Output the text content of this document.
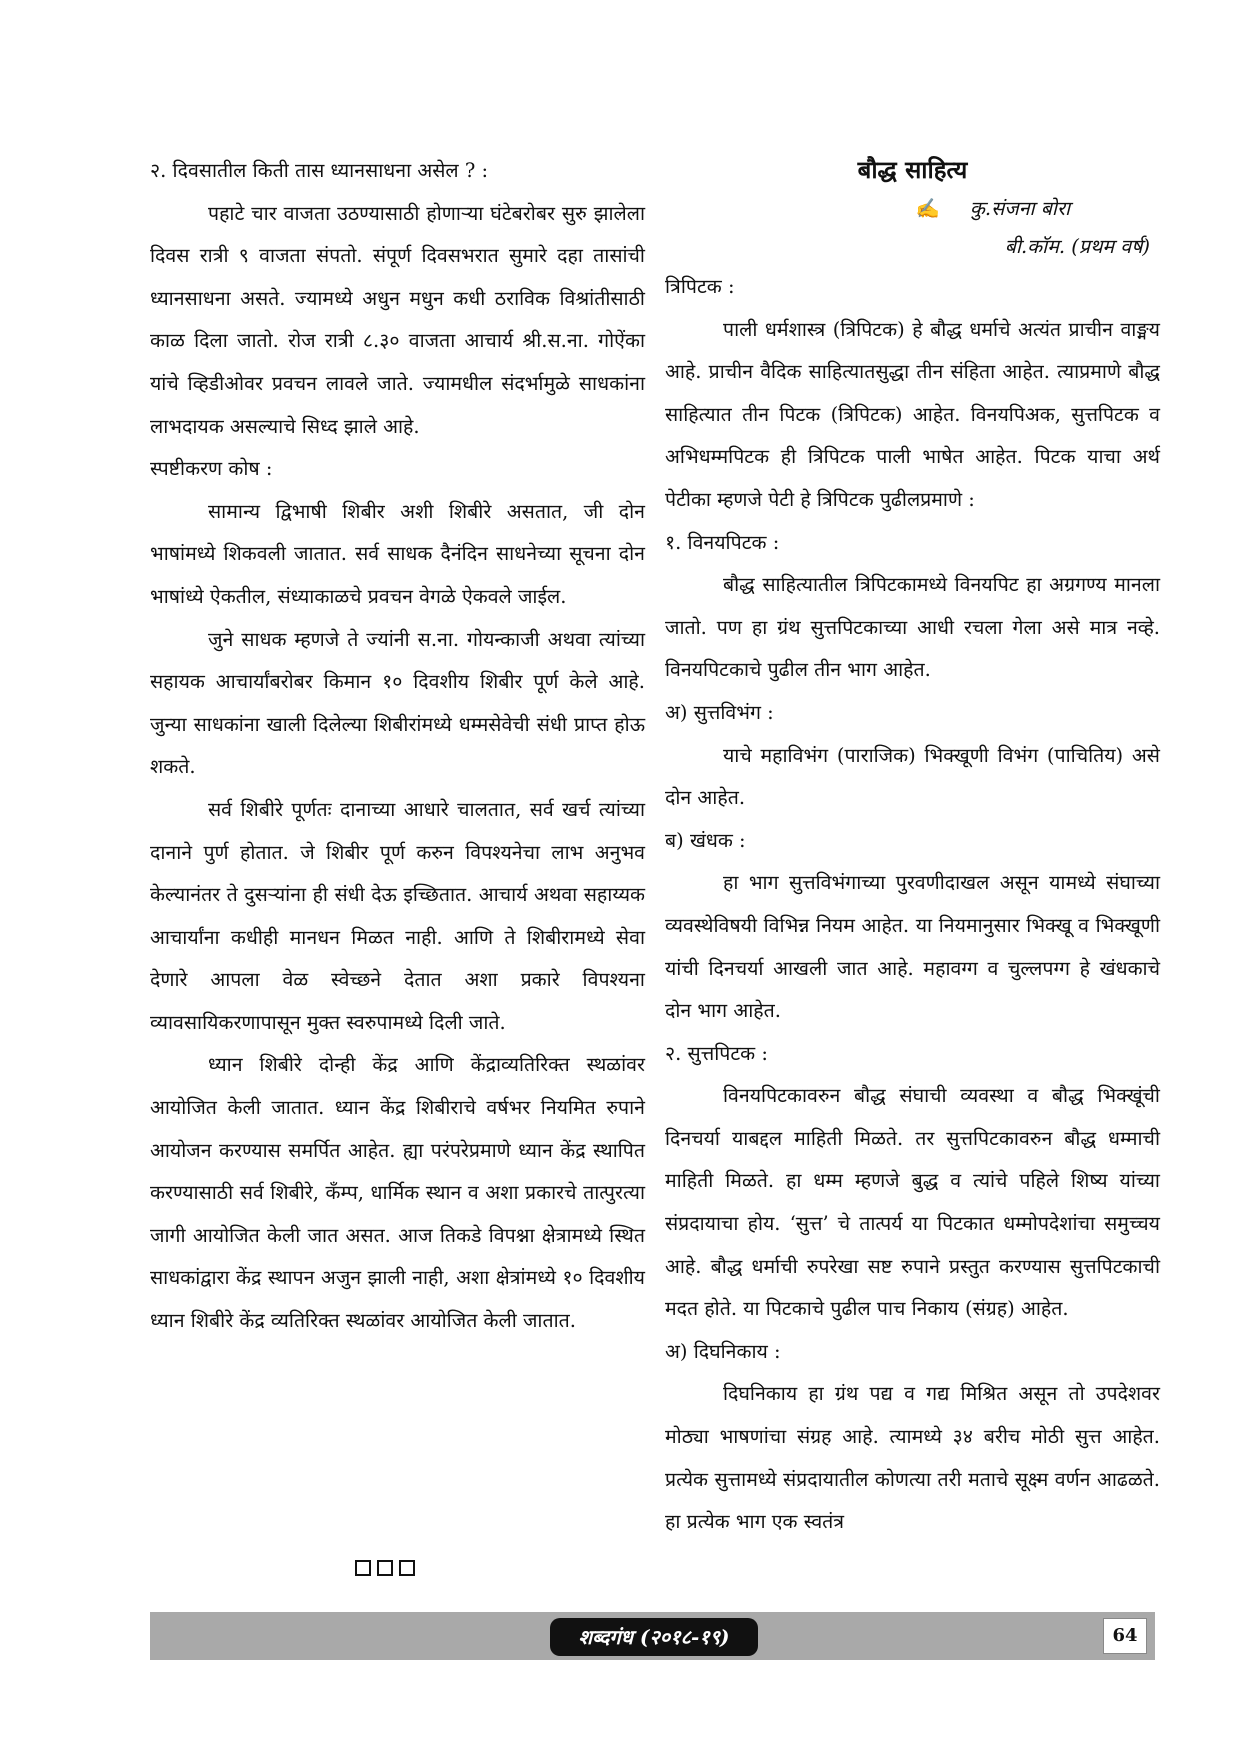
२. दिवसातील किती तास ध्यानसाधना असेल ? :

पहाटे चार वाजता उठण्यासाठी होणाऱ्या घंटेबरोबर सुरु झालेला दिवस रात्री ९ वाजता संपतो. संपूर्ण दिवसभरात सुमारे दहा तासांची ध्यानसाधना असते. ज्यामध्ये अधुन मधुन कधी ठराविक विश्रांतीसाठी काळ दिला जातो. रोज रात्री ८.३० वाजता आचार्य श्री.स.ना. गोऐंका यांचे व्हिडीओवर प्रवचन लावले जाते. ज्यामधील संदर्भामुळे साधकांना लाभदायक असल्याचे सिध्द झाले आहे.

स्पष्टीकरण कोष :

सामान्य द्विभाषी शिबीर अशी शिबीरे असतात, जी दोन भाषांमध्ये शिकवली जातात. सर्व साधक दैनंदिन साधनेच्या सूचना दोन भाषांध्ये ऐकतील, संध्याकाळचे प्रवचन वेगळे ऐकवले जाईल.

जुने साधक म्हणजे ते ज्यांनी स.ना. गोयन्काजी अथवा त्यांच्या सहायक आचार्यांबरोबर किमान १० दिवशीय शिबीर पूर्ण केले आहे. जुन्या साधकांना खाली दिलेल्या शिबीरांमध्ये धम्मसेवेची संधी प्राप्त होऊ शकते.

सर्व शिबीरे पूर्णतः दानाच्या आधारे चालतात, सर्व खर्च त्यांच्या दानाने पुर्ण होतात. जे शिबीर पूर्ण करुन विपश्यनेचा लाभ अनुभव केल्यानंतर ते दुसऱ्यांना ही संधी देऊ इच्छितात. आचार्य अथवा सहाय्यक आचार्यांना कधीही मानधन मिळत नाही. आणि ते शिबीरामध्ये सेवा देणारे आपला वेळ स्वेच्छने देतात अशा प्रकारे विपश्यना व्यावसायिकरणापासून मुक्त स्वरुपामध्ये दिली जाते.

ध्यान शिबीरे दोन्ही केंद्र आणि केंद्राव्यतिरिक्त स्थळांवर आयोजित केली जातात. ध्यान केंद्र शिबीराचे वर्षभर नियमित रुपाने आयोजन करण्यास समर्पित आहेत. ह्या परंपरेप्रमाणे ध्यान केंद्र स्थापित करण्यासाठी सर्व शिबीरे, कँम्प, धार्मिक स्थान व अशा प्रकारचे तात्पुरत्या जागी आयोजित केली जात असत. आज तिकडे विपश्ना क्षेत्रामध्ये स्थित साधकांद्वारा केंद्र स्थापन अजुन झाली नाही, अशा क्षेत्रांमध्ये १० दिवशीय ध्यान शिबीरे केंद्र व्यतिरिक्त स्थळांवर आयोजित केली जातात.

बौद्ध साहित्य

✍ कु.संजना बोरा

बी.कॉम. (प्रथम वर्ष)

त्रिपिटक :

पाली धर्मशास्त्र (त्रिपिटक) हे बौद्ध धर्माचे अत्यंत प्राचीन वाङ्मय आहे. प्राचीन वैदिक साहित्यातसुद्धा तीन संहिता आहेत. त्याप्रमाणे बौद्ध साहित्यात तीन पिटक (त्रिपिटक) आहेत. विनयपिअक, सुत्तपिटक व अभिधम्मपिटक ही त्रिपिटक पाली भाषेत आहेत. पिटक याचा अर्थ पेटीका म्हणजे पेटी हे त्रिपिटक पुढीलप्रमाणे :

१. विनयपिटक :

बौद्ध साहित्यातील त्रिपिटकामध्ये विनयपिट हा अग्रगण्य मानला जातो. पण हा ग्रंथ सुत्तपिटकाच्या आधी रचला गेला असे मात्र नव्हे. विनयपिटकाचे पुढील तीन भाग आहेत.

अ) सुत्तविभंग :

याचे महाविभंग (पाराजिक) भिक्खूणी विभंग (पाचितिय) असे दोन आहेत.

ब) खंधक :

हा भाग सुत्तविभंगाच्या पुरवणीदाखल असून यामध्ये संघाच्या व्यवस्थेविषयी विभिन्न नियम आहेत. या नियमानुसार भिक्खू व भिक्खूणी यांची दिनचर्या आखली जात आहे. महावग्ग व चुल्लपग्ग हे खंधकाचे दोन भाग आहेत.

२. सुत्तपिटक :

विनयपिटकावरुन बौद्ध संघाची व्यवस्था व बौद्ध भिक्खूंची दिनचर्या याबद्दल माहिती मिळते. तर सुत्तपिटकावरुन बौद्ध धम्माची माहिती मिळते. हा धम्म म्हणजे बुद्ध व त्यांचे पहिले शिष्य यांच्या संप्रदायाचा होय. ‘सुत्त’ चे तात्पर्य या पिटकात धम्मोपदेशांचा समुच्चय आहे. बौद्ध धर्माची रुपरेखा सष्ट रुपाने प्रस्तुत करण्यास सुत्तपिटकाची मदत होते. या पिटकाचे पुढील पाच निकाय (संग्रह) आहेत.

अ) दिघनिकाय :

दिघनिकाय हा ग्रंथ पद्य व गद्य मिश्रित असून तो उपदेशवर मोठ्या भाषणांचा संग्रह आहे. त्यामध्ये ३४ बरीच मोठी सुत्त आहेत. प्रत्येक सुत्तामध्ये संप्रदायातील कोणत्या तरी मताचे सूक्ष्म वर्णन आढळते. हा प्रत्येक भाग एक स्वतंत्र

शब्दगंध (२०१८-१९)	64
